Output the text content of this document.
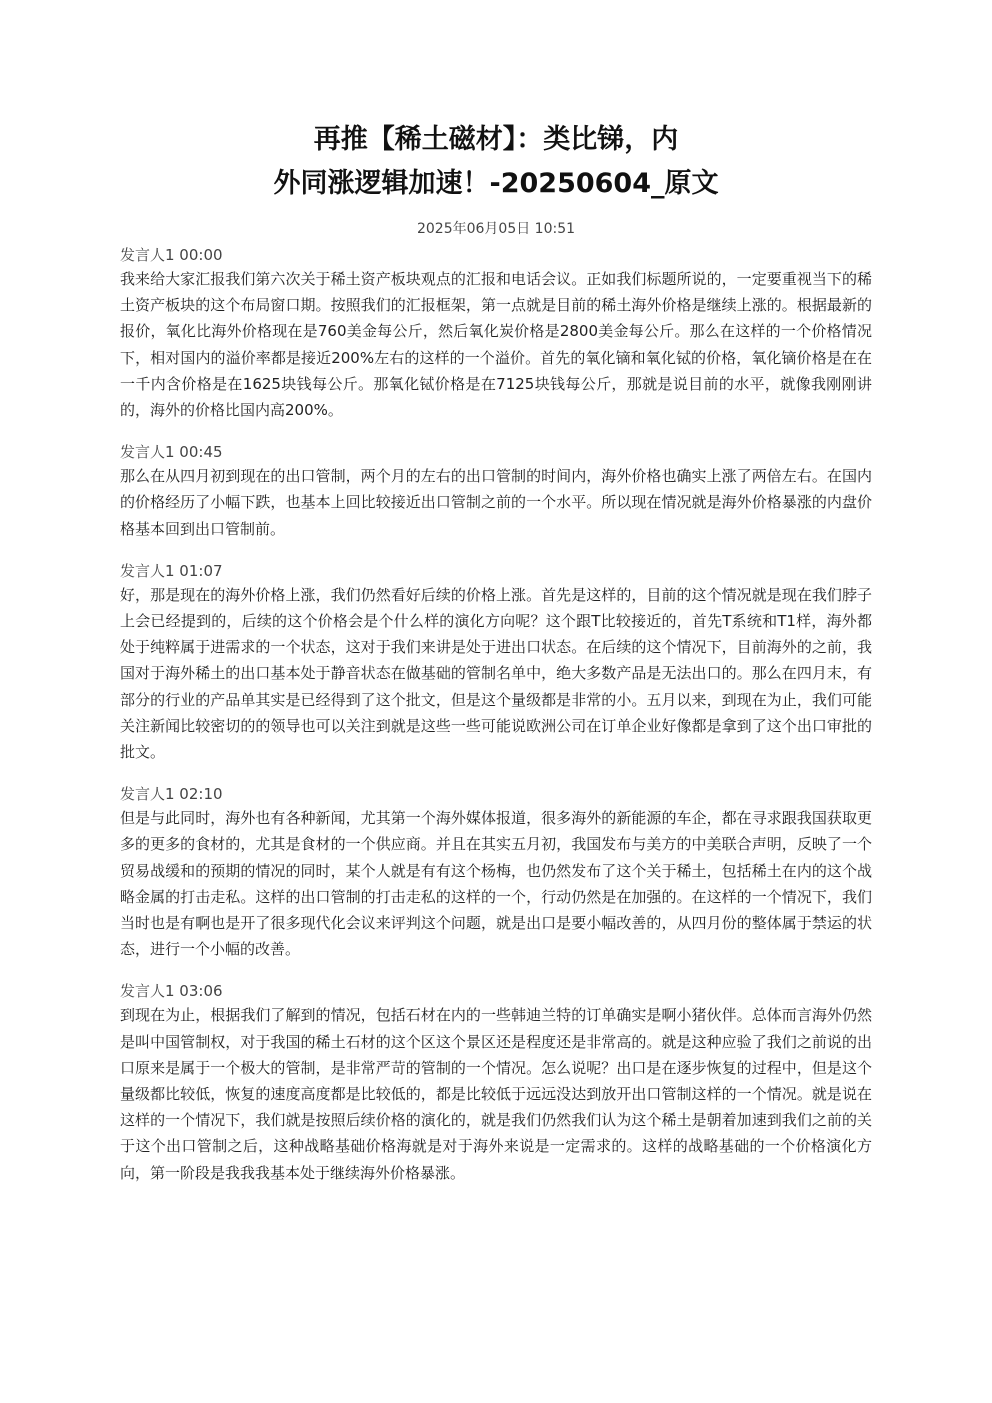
再推【稀土磁材】：类比锑，内
外同涨逻辑加速！-20250604_原文
2025年06月05日 10:51
发言人1 00:00
我来给大家汇报我们第六次关于稀土资产板块观点的汇报和电话会议。正如我们标题所说的，一定要重视当下的稀土资产板块的这个布局窗口期。按照我们的汇报框架，第一点就是目前的稀土海外价格是继续上涨的。根据最新的报价，氧化比海外价格现在是760美金每公斤，然后氧化炭价格是2800美金每公斤。那么在这样的一个价格情况下，相对国内的溢价率都是接近200%左右的这样的一个溢价。首先的氧化镝和氧化铽的价格，氧化镝价格是在在一千内含价格是在1625块钱每公斤。那氧化铽价格是在7125块钱每公斤，那就是说目前的水平，就像我刚刚讲的，海外的价格比国内高200%。
发言人1 00:45
那么在从四月初到现在的出口管制，两个月的左右的出口管制的时间内，海外价格也确实上涨了两倍左右。在国内的价格经历了小幅下跌，也基本上回比较接近出口管制之前的一个水平。所以现在情况就是海外价格暴涨的内盘价格基本回到出口管制前。
发言人1 01:07
好，那是现在的海外价格上涨，我们仍然看好后续的价格上涨。首先是这样的，目前的这个情况就是现在我们脖子上会已经提到的，后续的这个价格会是个什么样的演化方向呢？这个跟T比较接近的，首先T系统和T1样，海外都处于纯粹属于进需求的一个状态，这对于我们来讲是处于进出口状态。在后续的这个情况下，目前海外的之前，我国对于海外稀土的出口基本处于静音状态在做基础的管制名单中，绝大多数产品是无法出口的。那么在四月末，有部分的行业的产品单其实是已经得到了这个批文，但是这个量级都是非常的小。五月以来，到现在为止，我们可能关注新闻比较密切的的领导也可以关注到就是这些一些可能说欧洲公司在订单企业好像都是拿到了这个出口审批的批文。
发言人1 02:10
但是与此同时，海外也有各种新闻，尤其第一个海外媒体报道，很多海外的新能源的车企，都在寻求跟我国获取更多的更多的食材的，尤其是食材的一个供应商。并且在其实五月初，我国发布与美方的中美联合声明，反映了一个贸易战缓和的预期的情况的同时，某个人就是有有这个杨梅，也仍然发布了这个关于稀土，包括稀土在内的这个战略金属的打击走私。这样的出口管制的打击走私的这样的一个，行动仍然是在加强的。在这样的一个情况下，我们当时也是有啊也是开了很多现代化会议来评判这个问题，就是出口是要小幅改善的，从四月份的整体属于禁运的状态，进行一个小幅的改善。
发言人1 03:06
到现在为止，根据我们了解到的情况，包括石材在内的一些韩迪兰特的订单确实是啊小猪伙伴。总体而言海外仍然是叫中国管制权，对于我国的稀土石材的这个区这个景区还是程度还是非常高的。就是这种应验了我们之前说的出口原来是属于一个极大的管制，是非常严苛的管制的一个情况。怎么说呢？出口是在逐步恢复的过程中，但是这个量级都比较低，恢复的速度高度都是比较低的，都是比较低于远远没达到放开出口管制这样的一个情况。就是说在这样的一个情况下，我们就是按照后续价格的演化的，就是我们仍然我们认为这个稀土是朝着加速到我们之前的关于这个出口管制之后，这种战略基础价格海就是对于海外来说是一定需求的。这样的战略基础的一个价格演化方向，第一阶段是我我我基本处于继续海外价格暴涨。
